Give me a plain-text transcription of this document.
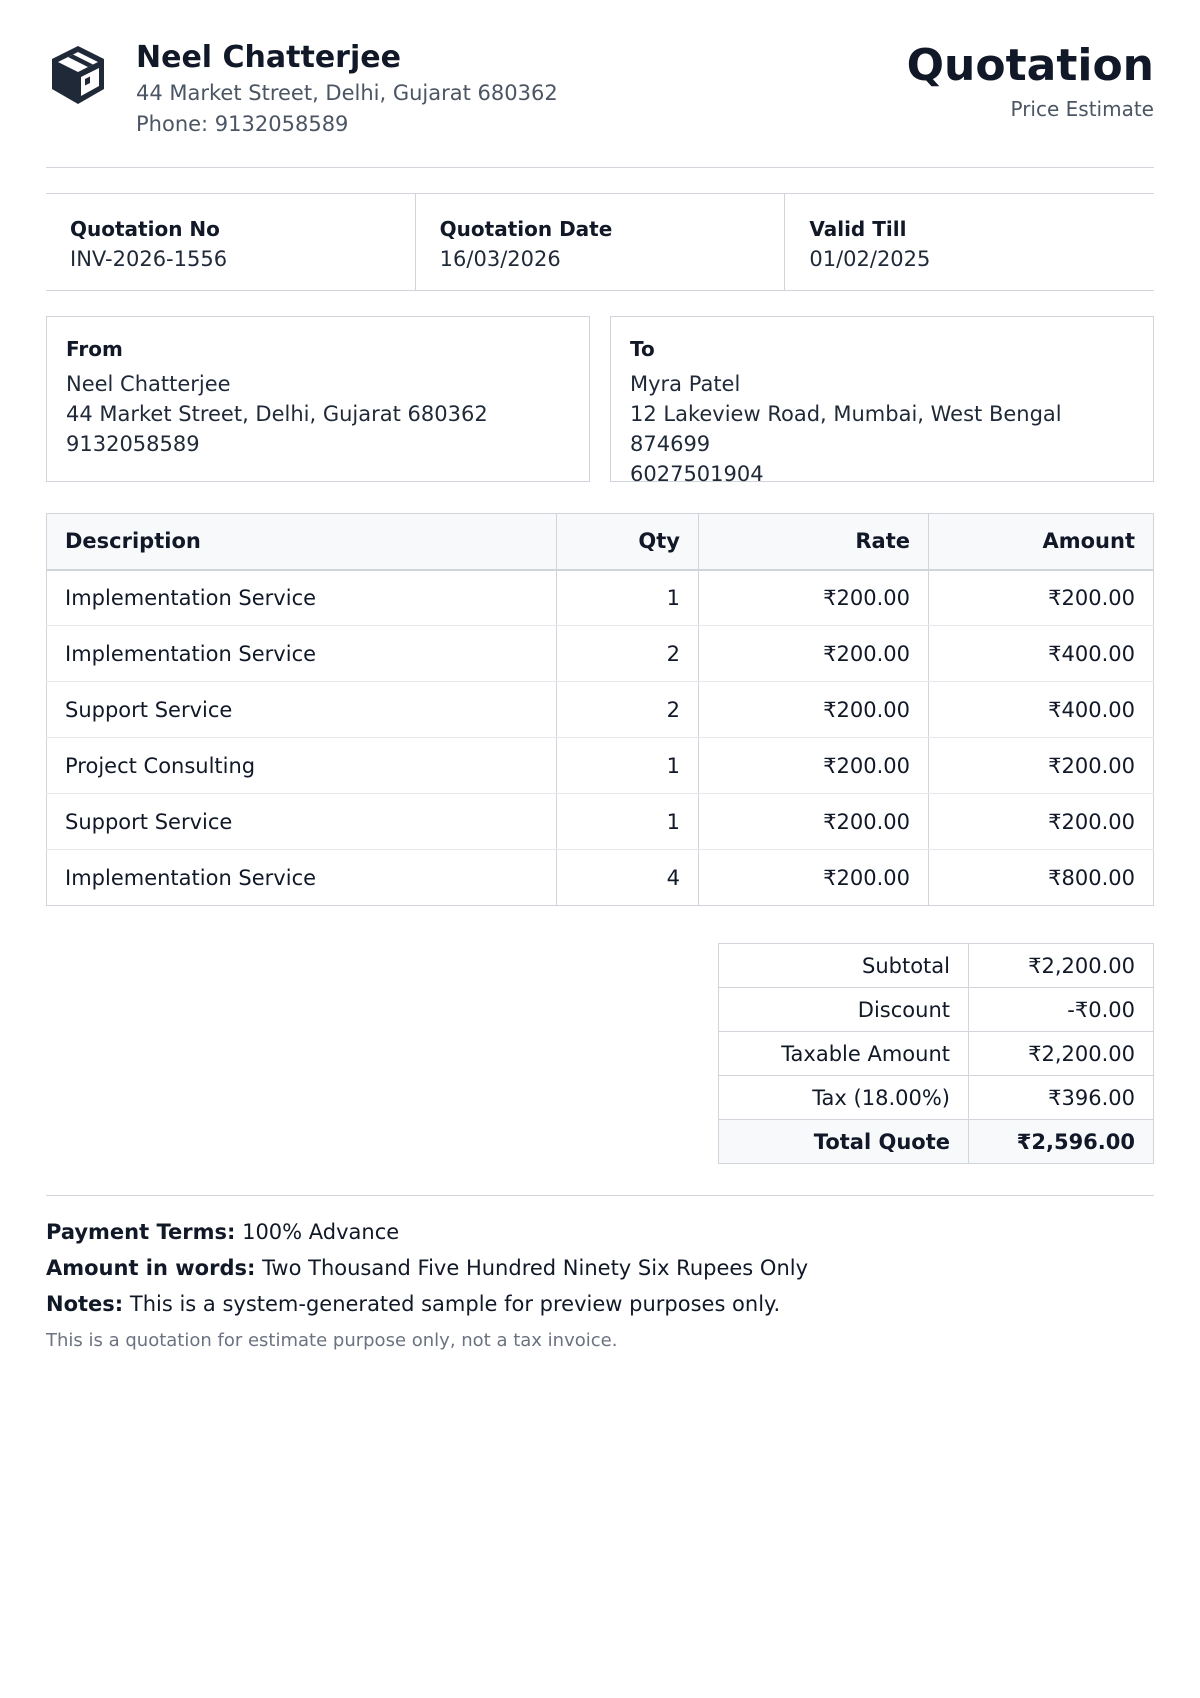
Neel Chatterjee
44 Market Street, Delhi, Gujarat 680362
Phone: 9132058589
Quotation
Price Estimate
Quotation No
INV-2026-1556
Quotation Date
16/03/2026
Valid Till
01/02/2025
From
Neel Chatterjee
44 Market Street, Delhi, Gujarat 680362
9132058589
To
Myra Patel
12 Lakeview Road, Mumbai, West Bengal 874699
6027501904
Description	Qty	Rate	Amount
Implementation Service	1	₹200.00	₹200.00
Implementation Service	2	₹200.00	₹400.00
Support Service	2	₹200.00	₹400.00
Project Consulting	1	₹200.00	₹200.00
Support Service	1	₹200.00	₹200.00
Implementation Service	4	₹200.00	₹800.00
Subtotal	₹2,200.00
Discount	-₹0.00
Taxable Amount	₹2,200.00
Tax (18.00%)	₹396.00
Total Quote	₹2,596.00
Payment Terms: 100% Advance
Amount in words: Two Thousand Five Hundred Ninety Six Rupees Only
Notes: This is a system-generated sample for preview purposes only.
This is a quotation for estimate purpose only, not a tax invoice.
